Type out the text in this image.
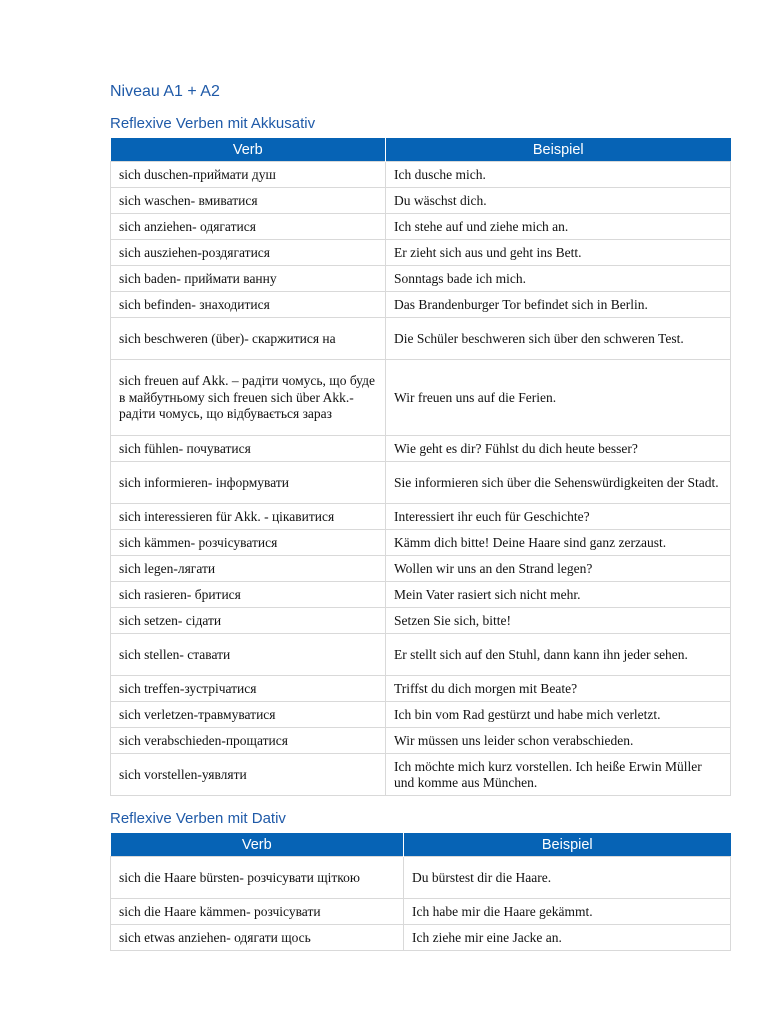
Niveau A1 + A2
Reflexive Verben mit Akkusativ
Verb	Beispiel
sich duschen-приймати душ	Ich dusche mich.
sich waschen- вмиватися	Du wäschst dich.
sich anziehen- одягатися	Ich stehe auf und ziehe mich an.
sich ausziehen-роздягатися	Er zieht sich aus und geht ins Bett.
sich baden- приймати ванну	Sonntags bade ich mich.
sich befinden- знаходитися	Das Brandenburger Tor befindet sich in Berlin.
sich beschweren (über)- скаржитися на	Die Schüler beschweren sich über den schweren Test.
sich freuen auf Akk. – радіти чомусь, що буде в майбутньому sich freuen sich über Akk.- радіти чомусь, що відбувається зараз	Wir freuen uns auf die Ferien.
sich fühlen- почуватися	Wie geht es dir? Fühlst du dich heute besser?
sich informieren- інформувати	Sie informieren sich über die Sehenswürdigkeiten der Stadt.
sich interessieren für Akk. - цікавитися	Interessiert ihr euch für Geschichte?
sich kämmen- розчісуватися	Kämm dich bitte! Deine Haare sind ganz zerzaust.
sich legen-лягати	Wollen wir uns an den Strand legen?
sich rasieren- бритися	Mein Vater rasiert sich nicht mehr.
sich setzen- сідати	Setzen Sie sich, bitte!
sich stellen- ставати	Er stellt sich auf den Stuhl, dann kann ihn jeder sehen.
sich treffen-зустрічатися	Triffst du dich morgen mit Beate?
sich verletzen-травмуватися	Ich bin vom Rad gestürzt und habe mich verletzt.
sich verabschieden-прощатися	Wir müssen uns leider schon verabschieden.
sich vorstellen-уявляти	Ich möchte mich kurz vorstellen. Ich heiße Erwin Müller und komme aus München.
Reflexive Verben mit Dativ
Verb	Beispiel
sich die Haare bürsten- розчісувати щіткою	Du bürstest dir die Haare.
sich die Haare kämmen- розчісувати	Ich habe mir die Haare gekämmt.
sich etwas anziehen- одягати щось	Ich ziehe mir eine Jacke an.
